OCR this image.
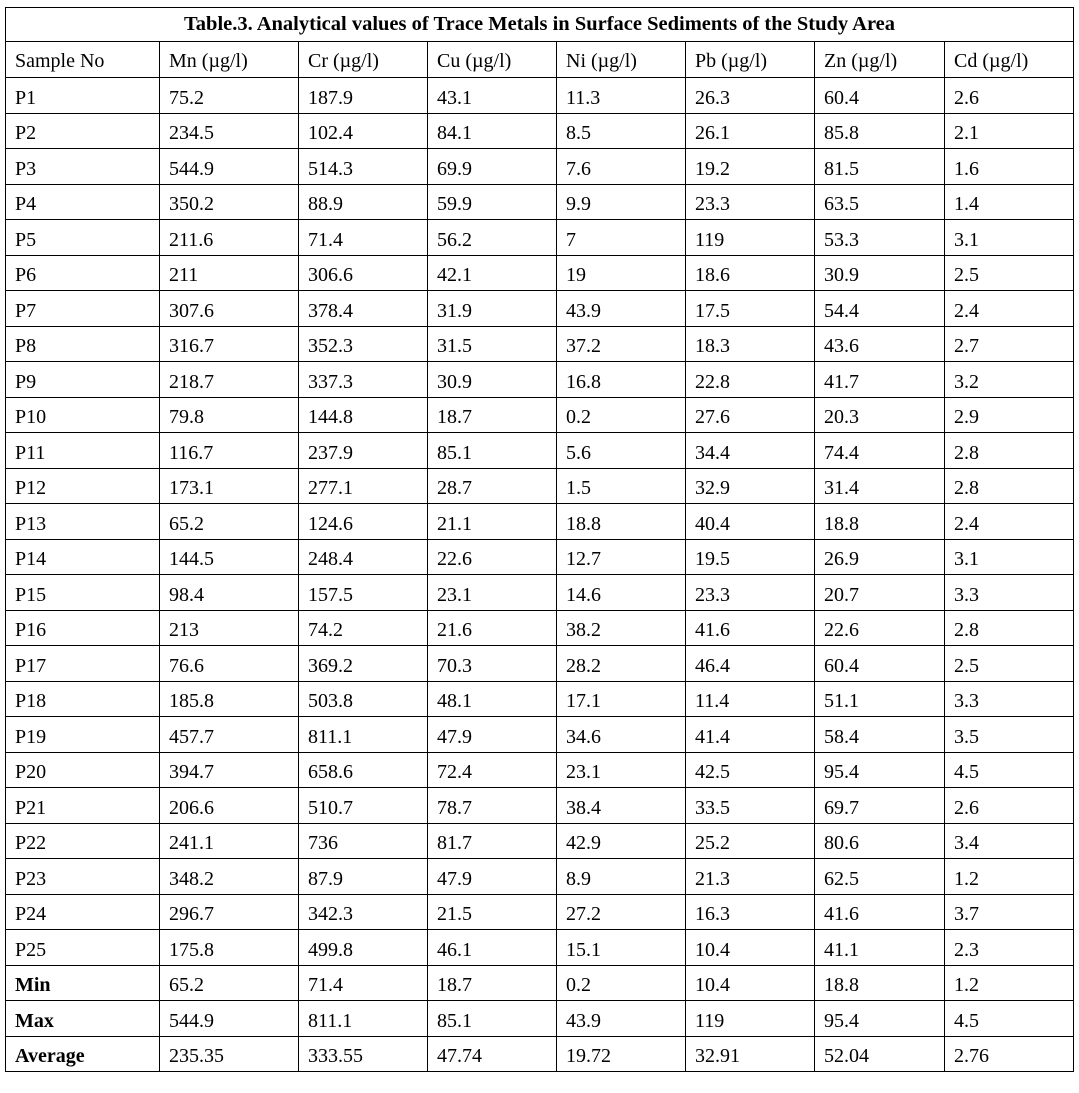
Table.3. Analytical values of Trace Metals in Surface Sediments of the Study Area							
Sample No	Mn (µg/l)	Cr (µg/l)	Cu (µg/l)	Ni (µg/l)	Pb (µg/l)	Zn (µg/l)	Cd (µg/l)
P1	75.2	187.9	43.1	11.3	26.3	60.4	2.6
P2	234.5	102.4	84.1	8.5	26.1	85.8	2.1
P3	544.9	514.3	69.9	7.6	19.2	81.5	1.6
P4	350.2	88.9	59.9	9.9	23.3	63.5	1.4
P5	211.6	71.4	56.2	7	119	53.3	3.1
P6	211	306.6	42.1	19	18.6	30.9	2.5
P7	307.6	378.4	31.9	43.9	17.5	54.4	2.4
P8	316.7	352.3	31.5	37.2	18.3	43.6	2.7
P9	218.7	337.3	30.9	16.8	22.8	41.7	3.2
P10	79.8	144.8	18.7	0.2	27.6	20.3	2.9
P11	116.7	237.9	85.1	5.6	34.4	74.4	2.8
P12	173.1	277.1	28.7	1.5	32.9	31.4	2.8
P13	65.2	124.6	21.1	18.8	40.4	18.8	2.4
P14	144.5	248.4	22.6	12.7	19.5	26.9	3.1
P15	98.4	157.5	23.1	14.6	23.3	20.7	3.3
P16	213	74.2	21.6	38.2	41.6	22.6	2.8
P17	76.6	369.2	70.3	28.2	46.4	60.4	2.5
P18	185.8	503.8	48.1	17.1	11.4	51.1	3.3
P19	457.7	811.1	47.9	34.6	41.4	58.4	3.5
P20	394.7	658.6	72.4	23.1	42.5	95.4	4.5
P21	206.6	510.7	78.7	38.4	33.5	69.7	2.6
P22	241.1	736	81.7	42.9	25.2	80.6	3.4
P23	348.2	87.9	47.9	8.9	21.3	62.5	1.2
P24	296.7	342.3	21.5	27.2	16.3	41.6	3.7
P25	175.8	499.8	46.1	15.1	10.4	41.1	2.3
Min	65.2	71.4	18.7	0.2	10.4	18.8	1.2
Max	544.9	811.1	85.1	43.9	119	95.4	4.5
Average	235.35	333.55	47.74	19.72	32.91	52.04	2.76
